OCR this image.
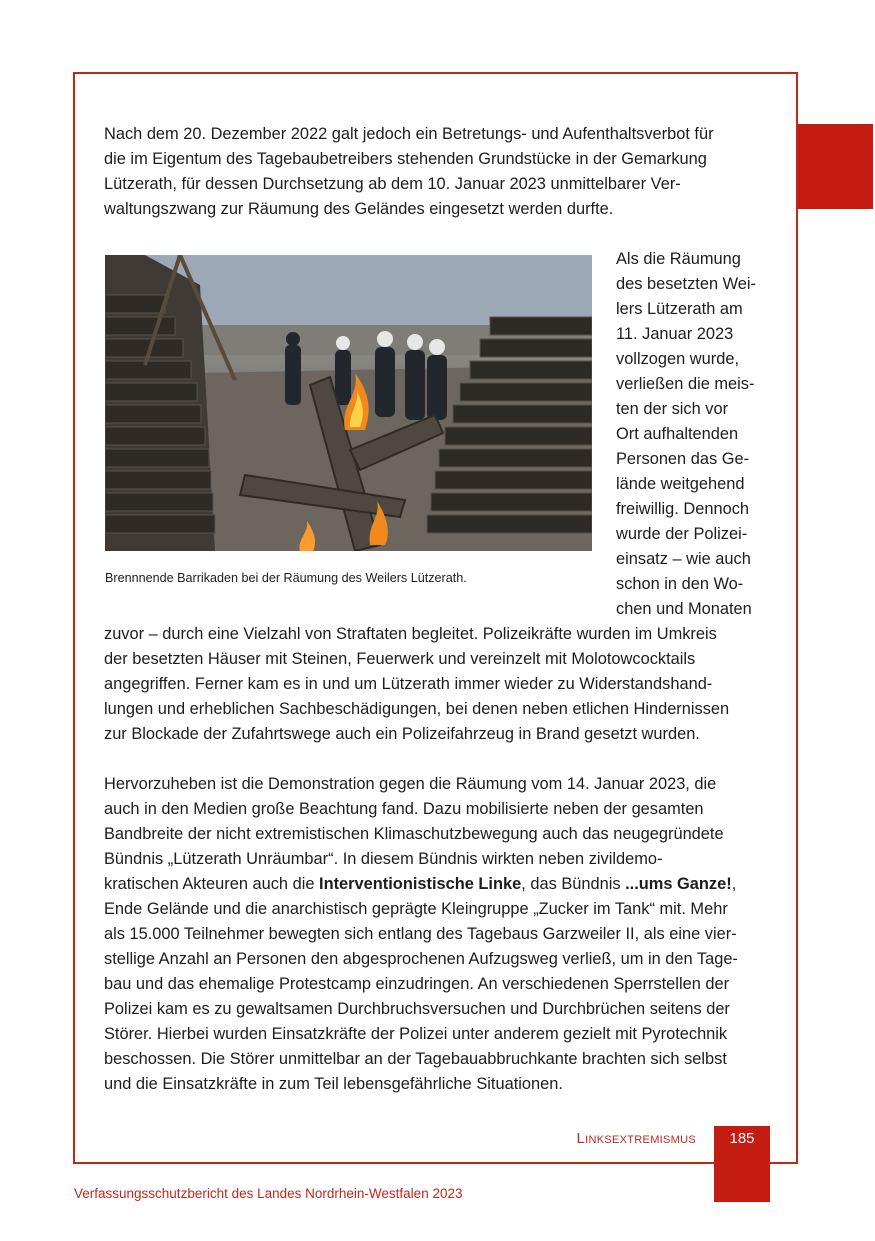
Nach dem 20. Dezember 2022 galt jedoch ein Betretungs- und Aufenthaltsverbot für
die im Eigentum des Tagebaubetreibers stehenden Grundstücke in der Gemarkung
Lützerath, für dessen Durchsetzung ab dem 10. Januar 2023 unmittelbarer Ver-
waltungszwang zur Räumung des Geländes eingesetzt werden durfte.

Brennnende Barrikaden bei der Räumung des Weilers Lützerath.

Als die Räumung
des besetzten Wei-
lers Lützerath am
11. Januar 2023
vollzogen wurde,
verließen die meis-
ten der sich vor
Ort aufhaltenden
Personen das Ge-
lände weitgehend
freiwillig. Dennoch
wurde der Polizei-
einsatz – wie auch
schon in den Wo-
chen und Monaten

zuvor – durch eine Vielzahl von Straftaten begleitet. Polizeikräfte wurden im Umkreis
der besetzten Häuser mit Steinen, Feuerwerk und vereinzelt mit Molotowcocktails
angegriffen. Ferner kam es in und um Lützerath immer wieder zu Widerstandshand-
lungen und erheblichen Sachbeschädigungen, bei denen neben etlichen Hindernissen
zur Blockade der Zufahrtswege auch ein Polizeifahrzeug in Brand gesetzt wurden.

Hervorzuheben ist die Demonstration gegen die Räumung vom 14. Januar 2023, die
auch in den Medien große Beachtung fand. Dazu mobilisierte neben der gesamten
Bandbreite der nicht extremistischen Klimaschutzbewegung auch das neugegründete
Bündnis „Lützerath Unräumbar“. In diesem Bündnis wirkten neben zivildemo-
kratischen Akteuren auch die Interventionistische Linke, das Bündnis ...ums Ganze!,
Ende Gelände und die anarchistisch geprägte Kleingruppe „Zucker im Tank“ mit. Mehr
als 15.000 Teilnehmer bewegten sich entlang des Tagebaus Garzweiler II, als eine vier-
stellige Anzahl an Personen den abgesprochenen Aufzugsweg verließ, um in den Tage-
bau und das ehemalige Protestcamp einzudringen. An verschiedenen Sperrstellen der
Polizei kam es zu gewaltsamen Durchbruchsversuchen und Durchbrüchen seitens der
Störer. Hierbei wurden Einsatzkräfte der Polizei unter anderem gezielt mit Pyrotechnik
beschossen. Die Störer unmittelbar an der Tagebauabbruchkante brachten sich selbst
und die Einsatzkräfte in zum Teil lebensgefährliche Situationen.

Linksextremismus	185
Verfassungsschutzbericht des Landes Nordrhein-Westfalen 2023
